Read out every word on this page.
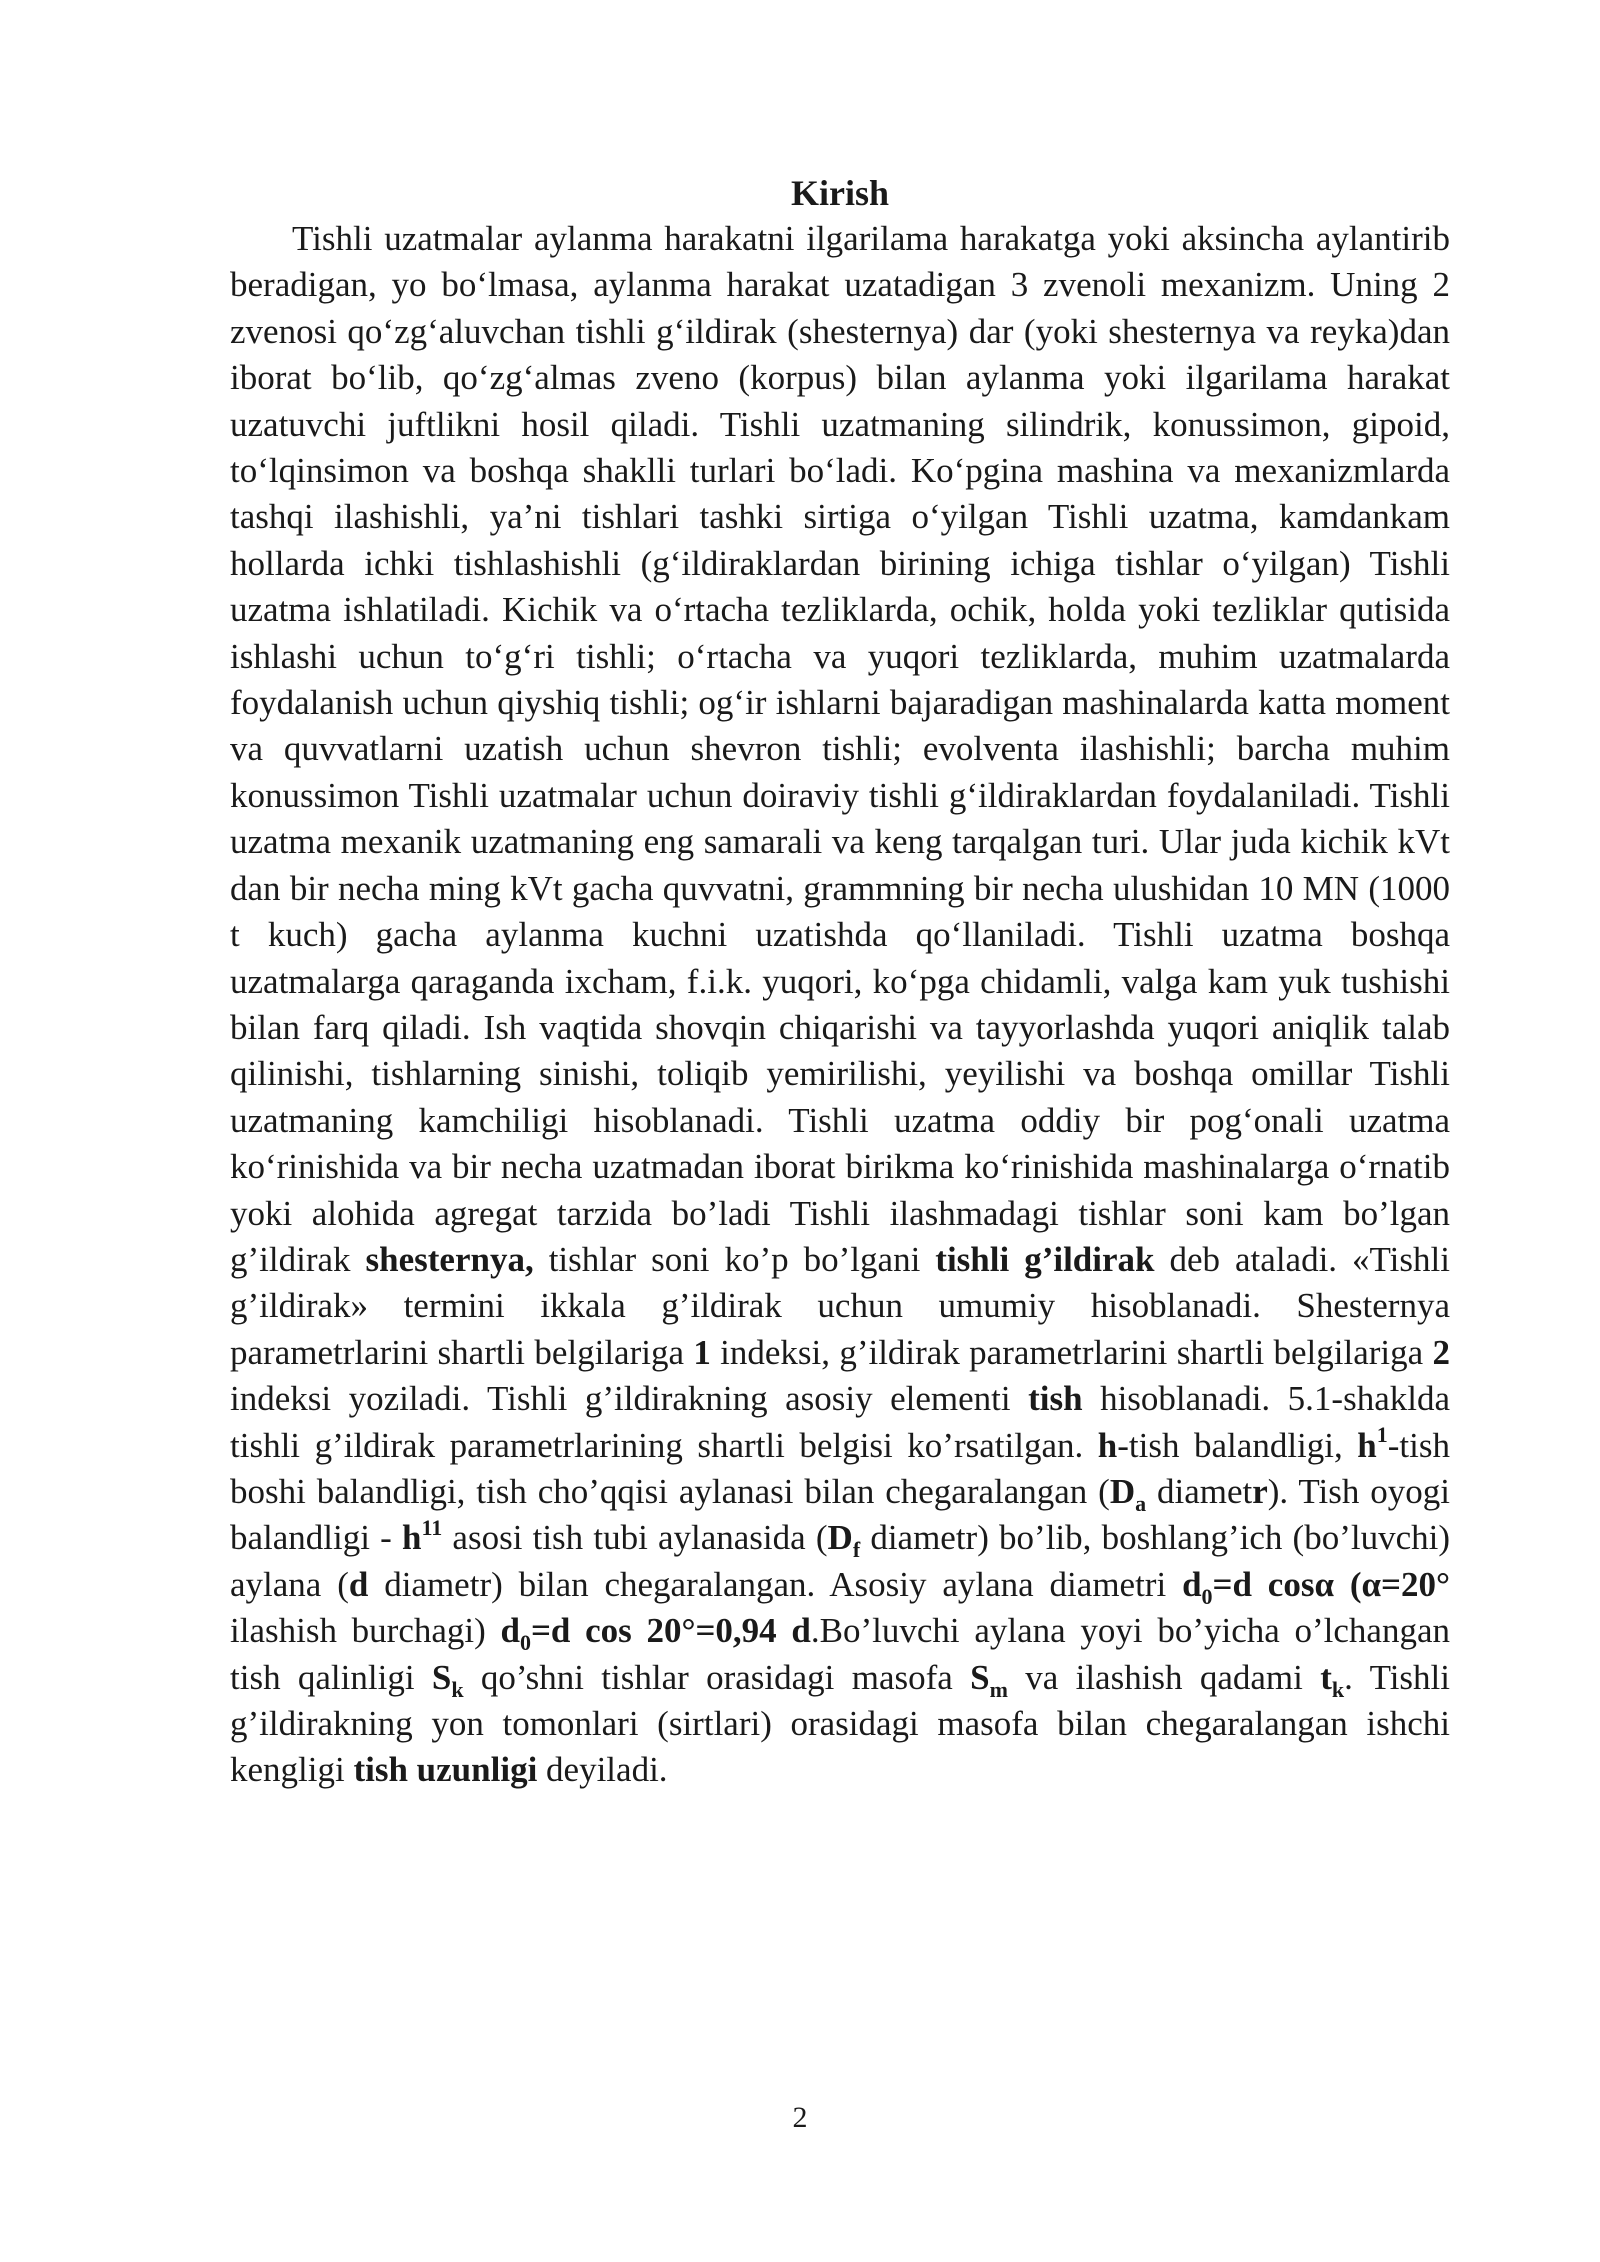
Kirish

Tishli uzatmalar aylanma harakatni ilgarilama harakatga yoki aksincha aylantirib beradigan, yo bo‘lmasa, aylanma harakat uzatadigan 3 zvenoli mexanizm. Uning 2 zvenosi qo‘zg‘aluvchan tishli g‘ildirak (shesternya) dar (yoki shesternya va reyka)dan iborat bo‘lib, qo‘zg‘almas zveno (korpus) bilan aylanma yoki ilgarilama harakat uzatuvchi juftlikni hosil qiladi. Tishli uzatmaning silindrik, konussimon, gipoid, to‘lqinsimon va boshqa shaklli turlari bo‘ladi. Ko‘pgina mashina va mexanizmlarda tashqi ilashishli, ya’ni tishlari tashki sirtiga o‘yilgan Tishli uzatma, kamdankam hollarda ichki tishlashishli (g‘ildiraklardan birining ichiga tishlar o‘yilgan) Tishli uzatma ishlatiladi. Kichik va o‘rtacha tezliklarda, ochik, holda yoki tezliklar qutisida ishlashi uchun to‘g‘ri tishli; o‘rtacha va yuqori tezliklarda, muhim uzatmalarda foydalanish uchun qiyshiq tishli; og‘ir ishlarni bajaradigan mashinalarda katta moment va quvvatlarni uzatish uchun shevron tishli; evolventa ilashishli; barcha muhim konussimon Tishli uzatmalar uchun doiraviy tishli g‘ildiraklardan foydalaniladi. Tishli uzatma mexanik uzatmaning eng samarali va keng tarqalgan turi. Ular juda kichik kVt dan bir necha ming kVt gacha quvvatni, grammning bir necha ulushidan 10 MN (1000 t kuch) gacha aylanma kuchni uzatishda qo‘llaniladi. Tishli uzatma boshqa uzatmalarga qaraganda ixcham, f.i.k. yuqori, ko‘pga chidamli, valga kam yuk tushishi bilan farq qiladi. Ish vaqtida shovqin chiqarishi va tayyorlashda yuqori aniqlik talab qilinishi, tishlarning sinishi, toliqib yemirilishi, yeyilishi va boshqa omillar Tishli uzatmaning kamchiligi hisoblanadi. Tishli uzatma oddiy bir pog‘onali uzatma ko‘rinishida va bir necha uzatmadan iborat birikma ko‘rinishida mashinalarga o‘rnatib yoki alohida agregat tarzida bo’ladi Tishli ilashmadagi tishlar soni kam bo’lgan g’ildirak shesternya, tishlar soni ko’p bo’lgani tishli g’ildirak deb ataladi. «Tishli g’ildirak» termini ikkala g’ildirak uchun umumiy hisoblanadi. Shesternya parametrlarini shartli belgilariga 1 indeksi, g’ildirak parametrlarini shartli belgilariga 2 indeksi yoziladi. Tishli g’ildirakning asosiy elementi tish hisoblanadi. 5.1-shaklda tishli g’ildirak parametrlarining shartli belgisi ko’rsatilgan. h-tish balandligi, $h^1$-tish boshi balandligi, tish cho’qqisi aylanasi bilan chegaralangan ($D_a$ diametr). Tish oyogi balandligi - $h^{11}$ asosi tish tubi aylanasida ($D_f$ diametr) bo’lib, boshlang’ich (bo’luvchi) aylana (d diametr) bilan chegaralangan. Asosiy aylana diametri $d_0=d$ cosα (α=20° ilashish burchagi) $d_0=d$ cos 20°=0,94 d.Bo’luvchi aylana yoyi bo’yicha o’lchangan tish qalinligi $S_k$ qo’shni tishlar orasidagi masofa $S_m$ va ilashish qadami $t_k$. Tishli g’ildirakning yon tomonlari (sirtlari) orasidagi masofa bilan chegaralangan ishchi kengligi tish uzunligi deyiladi.

2
